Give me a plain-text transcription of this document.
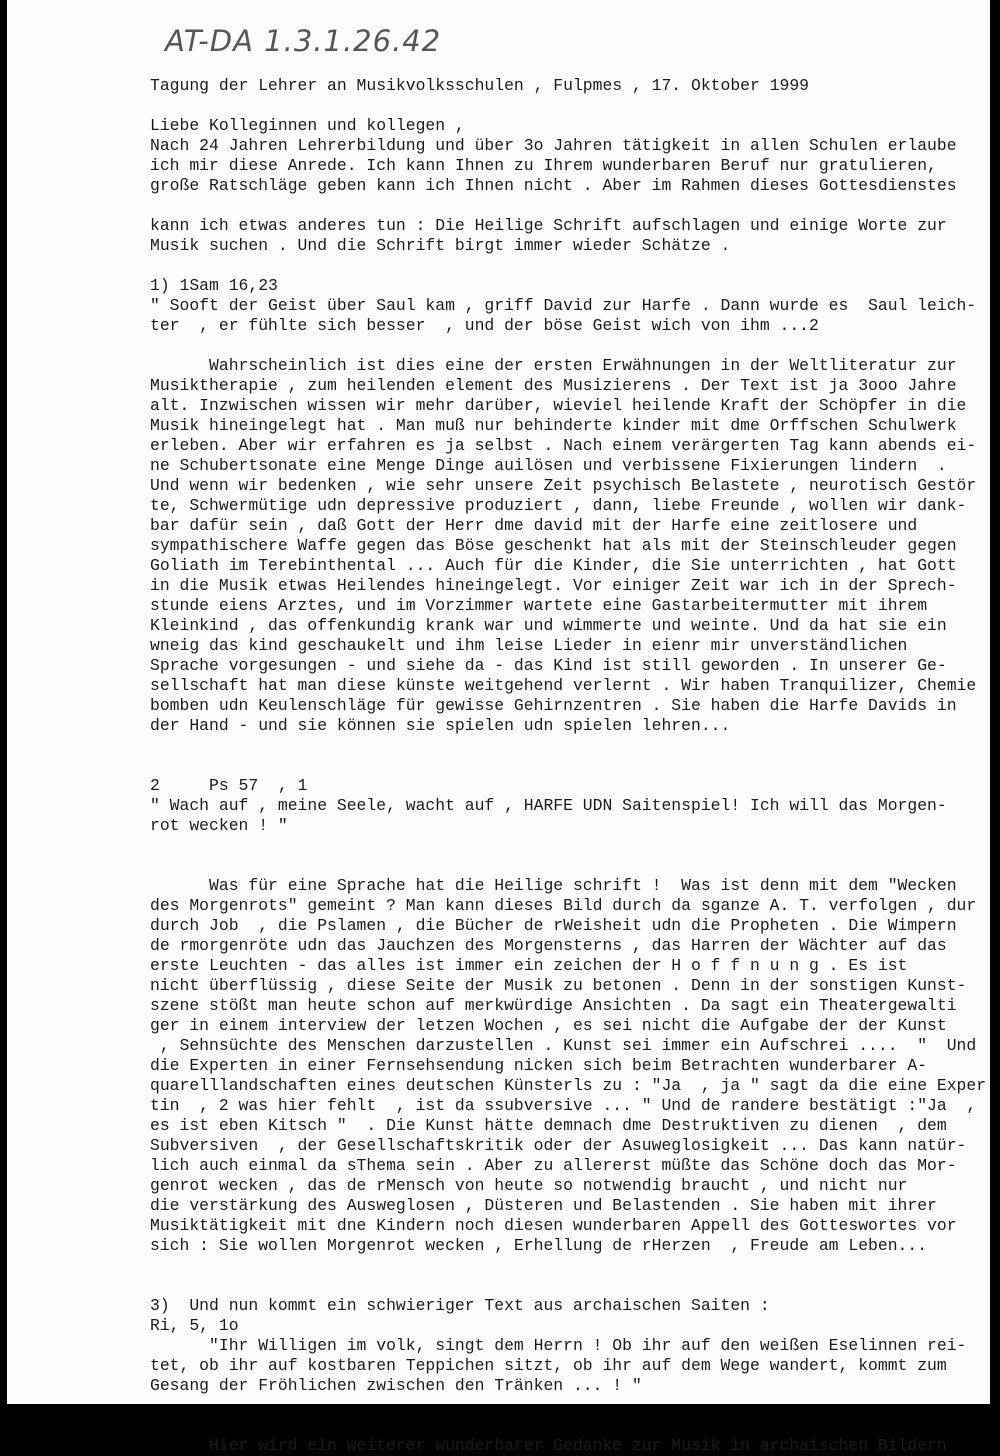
AT-DA 1.3.1.26.42
Tagung der Lehrer an Musikvolksschulen , Fulpmes , 17. Oktober 1999
Liebe Kolleginnen und kollegen ,
Nach 24 Jahren Lehrerbildung und über 3o Jahren tätigkeit in allen Schulen erlaube
ich mir diese Anrede. Ich kann Ihnen zu Ihrem wunderbaren Beruf nur gratulieren,
große Ratschläge geben kann ich Ihnen nicht . Aber im Rahmen dieses Gottesdienstes
kann ich etwas anderes tun : Die Heilige Schrift aufschlagen und einige Worte zur
Musik suchen . Und die Schrift birgt immer wieder Schätze .
1) 1Sam 16,23
" Sooft der Geist über Saul kam , griff David zur Harfe . Dann wurde es  Saul leich-
ter  , er fühlte sich besser  , und der böse Geist wich von ihm ...2
Wahrscheinlich ist dies eine der ersten Erwähnungen in der Weltliteratur zur
Musiktherapie , zum heilenden element des Musizierens . Der Text ist ja 3ooo Jahre
alt. Inzwischen wissen wir mehr darüber, wieviel heilende Kraft der Schöpfer in die
Musik hineingelegt hat . Man muß nur behinderte kinder mit dme Orffschen Schulwerk
erleben. Aber wir erfahren es ja selbst . Nach einem verärgerten Tag kann abends ei-
ne Schubertsonate eine Menge Dinge auilösen und verbissene Fixierungen lindern  .
Und wenn wir bedenken , wie sehr unsere Zeit psychisch Belastete , neurotisch Gestör
te, Schwermütige udn depressive produziert , dann, liebe Freunde , wollen wir dank-
bar dafür sein , daß Gott der Herr dme david mit der Harfe eine zeitlosere und
sympathischere Waffe gegen das Böse geschenkt hat als mit der Steinschleuder gegen
Goliath im Terebinthental ... Auch für die Kinder, die Sie unterrichten , hat Gott
in die Musik etwas Heilendes hineingelegt. Vor einiger Zeit war ich in der Sprech-
stunde eiens Arztes, und im Vorzimmer wartete eine Gastarbeitermutter mit ihrem
Kleinkind , das offenkundig krank war und wimmerte und weinte. Und da hat sie ein
wneig das kind geschaukelt und ihm leise Lieder in eienr mir unverständlichen
Sprache vorgesungen - und siehe da - das Kind ist still geworden . In unserer Ge-
sellschaft hat man diese künste weitgehend verlernt . Wir haben Tranquilizer, Chemie
bomben udn Keulenschläge für gewisse Gehirnzentren . Sie haben die Harfe Davids in
der Hand - und sie können sie spielen udn spielen lehren...
2     Ps 57  , 1
" Wach auf , meine Seele, wacht auf , HARFE UDN Saitenspiel! Ich will das Morgen-
rot wecken ! "
Was für eine Sprache hat die Heilige schrift !  Was ist denn mit dem "Wecken
des Morgenrots" gemeint ? Man kann dieses Bild durch da sganze A. T. verfolgen , dur
durch Job  , die Pslamen , die Bücher de rWeisheit udn die Propheten . Die Wimpern
de rmorgenröte udn das Jauchzen des Morgensterns , das Harren der Wächter auf das
erste Leuchten - das alles ist immer ein zeichen der H o f f n u n g . Es ist
nicht überflüssig , diese Seite der Musik zu betonen . Denn in der sonstigen Kunst-
szene stößt man heute schon auf merkwürdige Ansichten . Da sagt ein Theatergewalti
ger in einem interview der letzen Wochen , es sei nicht die Aufgabe der der Kunst
, Sehnsüchte des Menschen darzustellen . Kunst sei immer ein Aufschrei ....  "  Und
die Experten in einer Fernsehsendung nicken sich beim Betrachten wunderbarer A-
quarelllandschaften eines deutschen Künsterls zu : "Ja  , ja " sagt da die eine Exper
tin  , 2 was hier fehlt  , ist da ssubversive ... " Und de randere bestätigt :"Ja  ,
es ist eben Kitsch "  . Die Kunst hätte demnach dme Destruktiven zu dienen  , dem
Subversiven  , der Gesellschaftskritik oder der Asuweglosigkeit ... Das kann natür-
lich auch einmal da sThema sein . Aber zu allererst müßte das Schöne doch das Mor-
genrot wecken , das de rMensch von heute so notwendig braucht , und nicht nur
die verstärkung des Ausweglosen , Düsteren und Belastenden . Sie haben mit ihrer
Musiktätigkeit mit dne Kindern noch diesen wunderbaren Appell des Gotteswortes vor
sich : Sie wollen Morgenrot wecken , Erhellung de rHerzen  , Freude am Leben...
3)  Und nun kommt ein schwieriger Text aus archaischen Saiten :
Ri, 5, 1o
"Ihr Willigen im volk, singt dem Herrn ! Ob ihr auf den weißen Eselinnen rei-
tet, ob ihr auf kostbaren Teppichen sitzt, ob ihr auf dem Wege wandert, kommt zum
Gesang der Fröhlichen zwischen den Tränken ... ! "
Hier wird ein weiterer wunderbarer Gedanke zur Musik in archaischen Bildern
